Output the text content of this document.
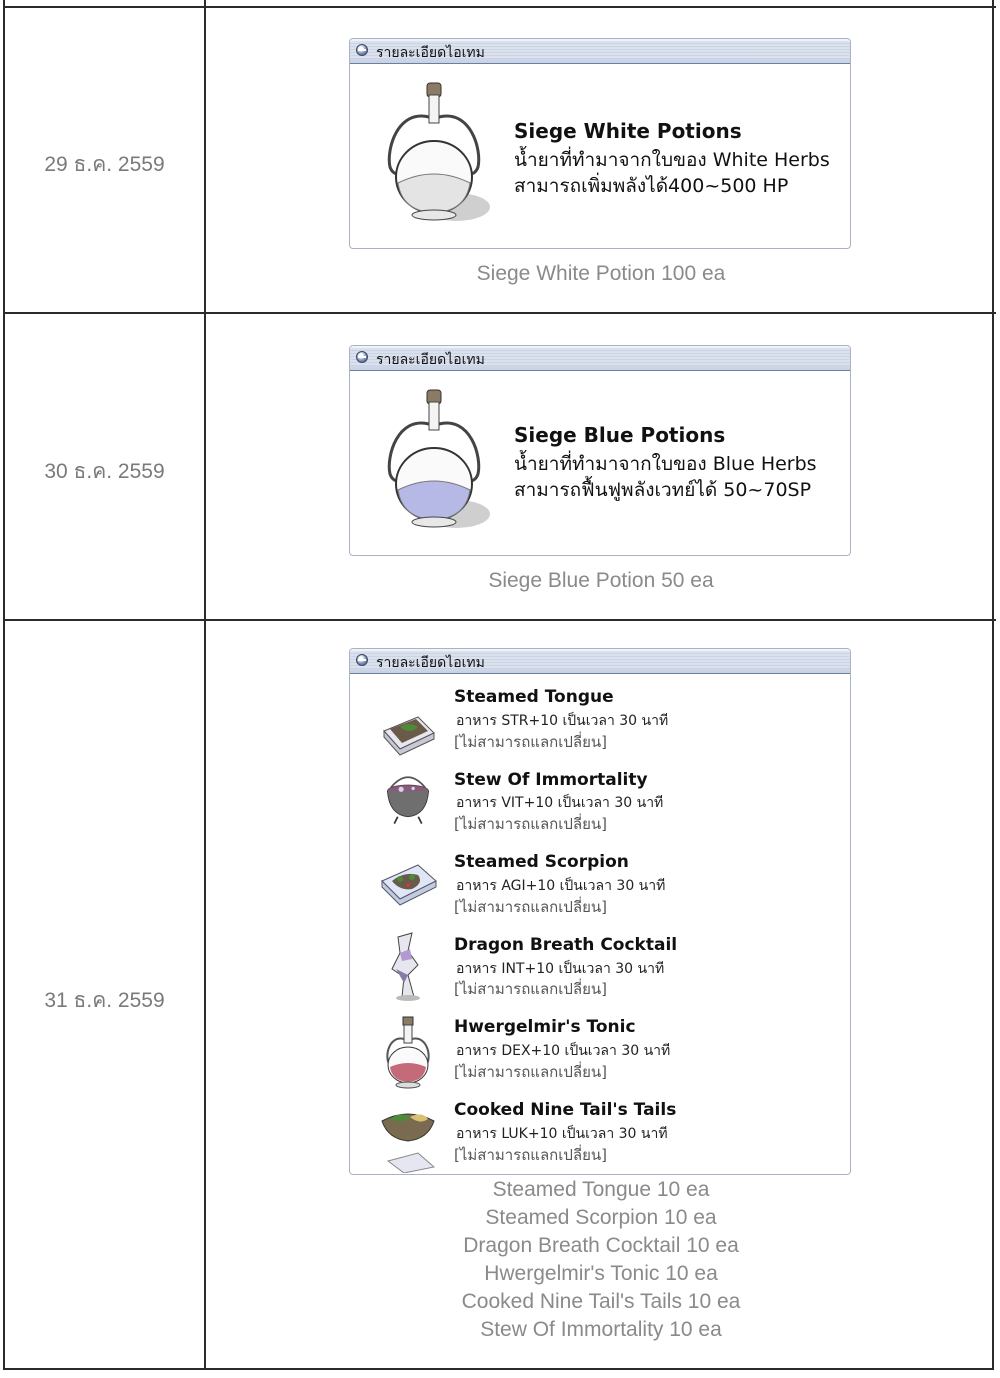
29 ธ.ค. 2559
รายละเอียดไอเทม
Siege White Potions
น้ำยาที่ทำมาจากใบของ White Herbs
สามารถเพิ่มพลังได้400~500 HP
Siege White Potion 100 ea
30 ธ.ค. 2559
รายละเอียดไอเทม
Siege Blue Potions
น้ำยาที่ทำมาจากใบของ Blue Herbs
สามารถฟื้นฟูพลังเวทย์ได้ 50~70SP
Siege Blue Potion 50 ea
31 ธ.ค. 2559
รายละเอียดไอเทม
Steamed Tongue
อาหาร STR+10 เป็นเวลา 30 นาที
[ไม่สามารถแลกเปลี่ยน]
Stew Of Immortality
อาหาร VIT+10 เป็นเวลา 30 นาที
[ไม่สามารถแลกเปลี่ยน]
Steamed Scorpion
อาหาร AGI+10 เป็นเวลา 30 นาที
[ไม่สามารถแลกเปลี่ยน]
Dragon Breath Cocktail
อาหาร INT+10 เป็นเวลา 30 นาที
[ไม่สามารถแลกเปลี่ยน]
Hwergelmir's Tonic
อาหาร DEX+10 เป็นเวลา 30 นาที
[ไม่สามารถแลกเปลี่ยน]
Cooked Nine Tail's Tails
อาหาร LUK+10 เป็นเวลา 30 นาที
[ไม่สามารถแลกเปลี่ยน]
Steamed Tongue 10 ea
Steamed Scorpion 10 ea
Dragon Breath Cocktail 10 ea
Hwergelmir's Tonic 10 ea
Cooked Nine Tail's Tails 10 ea
Stew Of Immortality 10 ea
